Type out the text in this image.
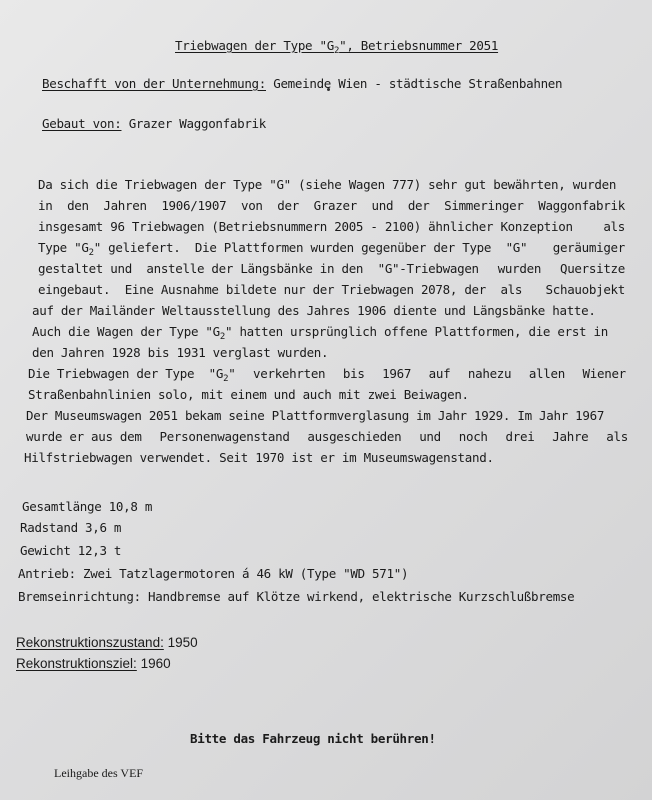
Triebwagen der Type "$G_2$", Betriebsnummer 2051
Beschafft von der Unternehmung: Gemeinde Wien - städtische Straßenbahnen
Gebaut von: Grazer Waggonfabrik
Da sich die Triebwagen der Type "G" (siehe Wagen 777) sehr gut bewährten, wurden
in den Jahren 1906/1907 von der Grazer und der Simmeringer Waggonfabrik
insgesamt 96 Triebwagen (Betriebsnummern 2005 - 2100) ähnlicher Konzeption als
Type "$G_2$" geliefert.  Die Plattformen wurden gegenüber der Type  "G" geräumiger
gestaltet und  anstelle der Längsbänke in den  "G"-Triebwagen wurden Quersitze
eingebaut.  Eine Ausnahme bildete nur der Triebwagen 2078, der  als Schauobjekt
auf der Mailänder Weltausstellung des Jahres 1906 diente und Längsbänke hatte.
Auch die Wagen der Type "$G_2$" hatten ursprünglich offene Plattformen, die erst in
den Jahren 1928 bis 1931 verglast wurden.
Die Triebwagen der Type  "$G_2$" verkehrten bis 1967 auf nahezu allen Wiener
Straßenbahnlinien solo, mit einem und auch mit zwei Beiwagen.
Der Museumswagen 2051 bekam seine Plattformverglasung im Jahr 1929. Im Jahr 1967
wurde er aus dem Personenwagenstand ausgeschieden und noch drei Jahre als
Hilfstriebwagen verwendet. Seit 1970 ist er im Museumswagenstand.
Gesamtlänge 10,8 m
Radstand 3,6 m
Gewicht 12,3 t
Antrieb: Zwei Tatzlagermotoren á 46 kW (Type "WD 571")
Bremseinrichtung: Handbremse auf Klötze wirkend, elektrische Kurzschlußbremse
Rekonstruktionszustand: 1950
Rekonstruktionsziel: 1960
Bitte das Fahrzeug nicht berühren!
Leihgabe des VEF
